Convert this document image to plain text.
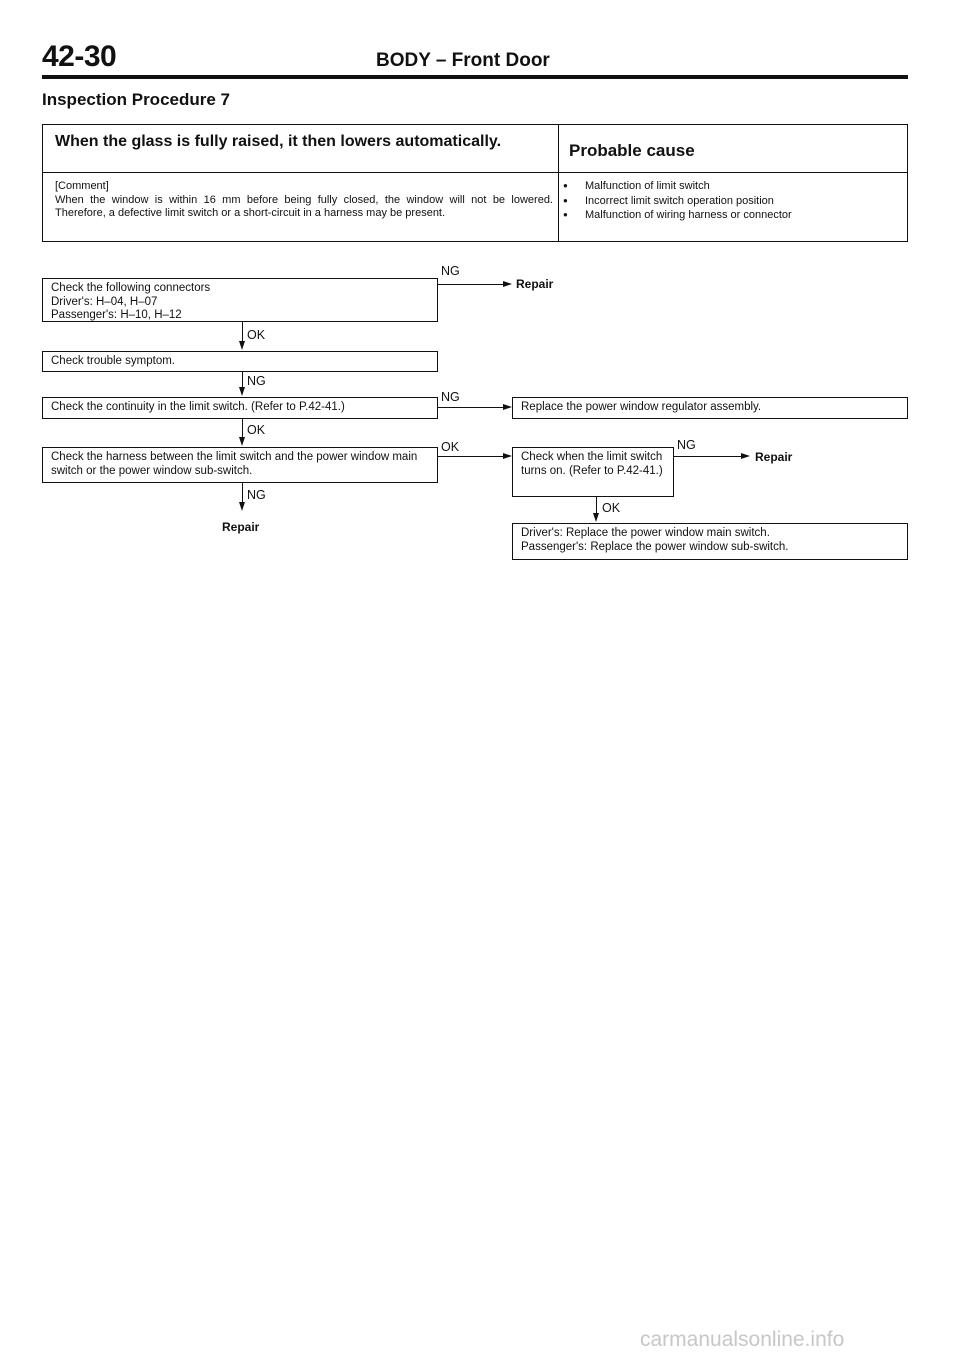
42-30	BODY – Front Door
Inspection Procedure 7
When the glass is fully raised, it then lowers automatically.	Probable cause
[Comment]
When the window is within 16 mm before being fully closed, the window will not be lowered. Therefore, a defective limit switch or a short-circuit in a harness may be present.
● Malfunction of limit switch
● Incorrect limit switch operation position
● Malfunction of wiring harness or connector
Check the following connectors
Driver's: H–04, H–07
Passenger's: H–10, H–12
NG
Repair
OK
Check trouble symptom.
NG
Check the continuity in the limit switch. (Refer to P.42-41.)
NG
OK
Check the harness between the limit switch and the power window main switch or the power window sub-switch.
OK
NG
Repair
Replace the power window regulator assembly.
Check when the limit switch turns on. (Refer to P.42-41.)
NG
Repair
OK
Driver's: Replace the power window main switch.
Passenger's: Replace the power window sub-switch.
carmanualsonline.info
